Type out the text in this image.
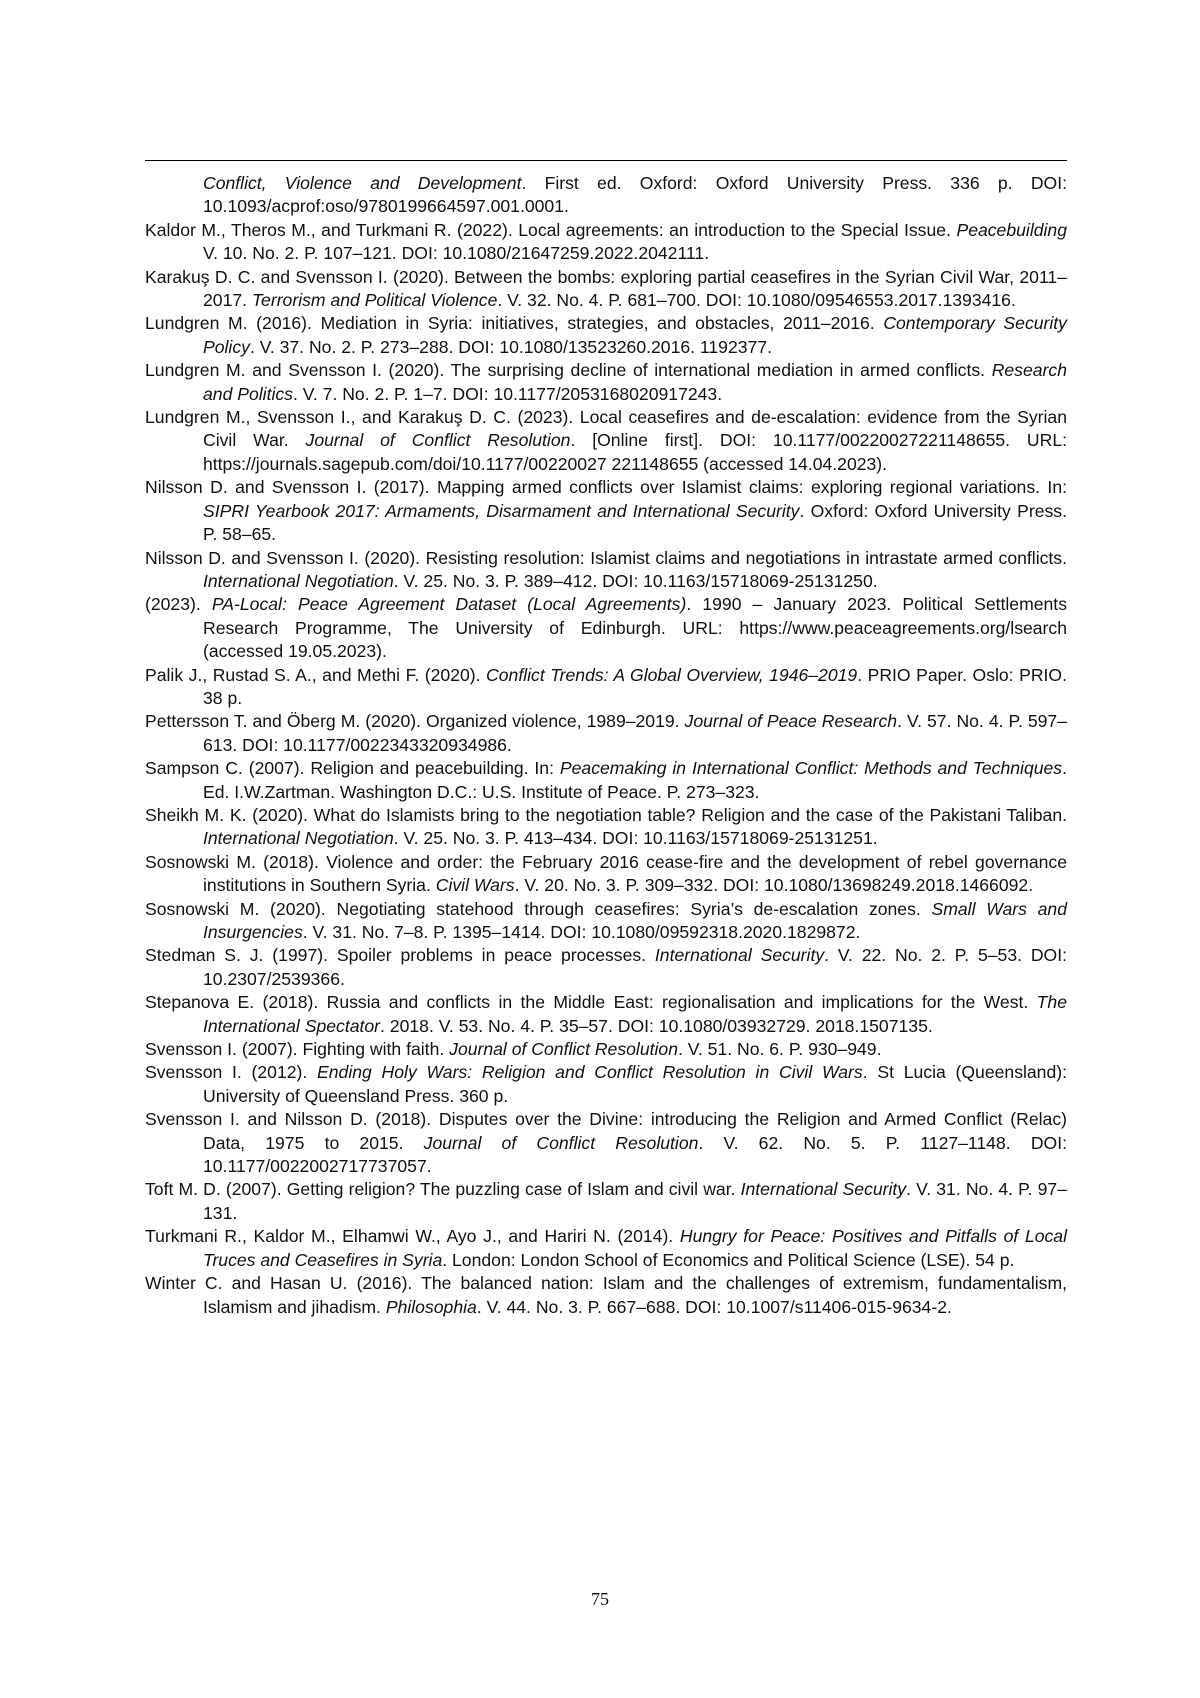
Conflict, Violence and Development. First ed. Oxford: Oxford University Press. 336 p. DOI: 10.1093/acprof:oso/9780199664597.001.0001.

Kaldor M., Theros M., and Turkmani R. (2022). Local agreements: an introduction to the Special Issue. Peacebuilding V. 10. No. 2. P. 107–121. DOI: 10.1080/21647259.2022.2042111.

Karakuş D. C. and Svensson I. (2020). Between the bombs: exploring partial ceasefires in the Syrian Civil War, 2011–2017. Terrorism and Political Violence. V. 32. No. 4. P. 681–700. DOI: 10.1080/09546553.2017.1393416.

Lundgren M. (2016). Mediation in Syria: initiatives, strategies, and obstacles, 2011–2016. Contemporary Security Policy. V. 37. No. 2. P. 273–288. DOI: 10.1080/13523260.2016. 1192377.

Lundgren M. and Svensson I. (2020). The surprising decline of international mediation in armed conflicts. Research and Politics. V. 7. No. 2. P. 1–7. DOI: 10.1177/2053168020917243.

Lundgren M., Svensson I., and Karakuş D. C. (2023). Local ceasefires and de-escalation: evidence from the Syrian Civil War. Journal of Conflict Resolution. [Online first]. DOI: 10.1177/00220027221148655. URL: https://journals.sagepub.com/doi/10.1177/00220027 221148655 (accessed 14.04.2023).

Nilsson D. and Svensson I. (2017). Mapping armed conflicts over Islamist claims: exploring regional variations. In: SIPRI Yearbook 2017: Armaments, Disarmament and International Security. Oxford: Oxford University Press. P. 58–65.

Nilsson D. and Svensson I. (2020). Resisting resolution: Islamist claims and negotiations in intrastate armed conflicts. International Negotiation. V. 25. No. 3. P. 389–412. DOI: 10.1163/15718069-25131250.

(2023). PA-Local: Peace Agreement Dataset (Local Agreements). 1990 – January 2023. Political Settlements Research Programme, The University of Edinburgh. URL: https://www.peaceagreements.org/lsearch (accessed 19.05.2023).

Palik J., Rustad S. A., and Methi F. (2020). Conflict Trends: A Global Overview, 1946–2019. PRIO Paper. Oslo: PRIO. 38 p.

Pettersson T. and Öberg M. (2020). Organized violence, 1989–2019. Journal of Peace Research. V. 57. No. 4. P. 597–613. DOI: 10.1177/0022343320934986.

Sampson C. (2007). Religion and peacebuilding. In: Peacemaking in International Conflict: Methods and Techniques. Ed. I.W.Zartman. Washington D.C.: U.S. Institute of Peace. P. 273–323.

Sheikh M. K. (2020). What do Islamists bring to the negotiation table? Religion and the case of the Pakistani Taliban. International Negotiation. V. 25. No. 3. P. 413–434. DOI: 10.1163/15718069-25131251.

Sosnowski M. (2018). Violence and order: the February 2016 cease-fire and the development of rebel governance institutions in Southern Syria. Civil Wars. V. 20. No. 3. P. 309–332. DOI: 10.1080/13698249.2018.1466092.

Sosnowski M. (2020). Negotiating statehood through ceasefires: Syria’s de-escalation zones. Small Wars and Insurgencies. V. 31. No. 7–8. P. 1395–1414. DOI: 10.1080/09592318.2020.1829872.

Stedman S. J. (1997). Spoiler problems in peace processes. International Security. V. 22. No. 2. P. 5–53. DOI: 10.2307/2539366.

Stepanova E. (2018). Russia and conflicts in the Middle East: regionalisation and implications for the West. The International Spectator. 2018. V. 53. No. 4. P. 35–57. DOI: 10.1080/03932729. 2018.1507135.

Svensson I. (2007). Fighting with faith. Journal of Conflict Resolution. V. 51. No. 6. P. 930–949.

Svensson I. (2012). Ending Holy Wars: Religion and Conflict Resolution in Civil Wars. St Lucia (Queensland): University of Queensland Press. 360 p.

Svensson I. and Nilsson D. (2018). Disputes over the Divine: introducing the Religion and Armed Conflict (Relac) Data, 1975 to 2015. Journal of Conflict Resolution. V. 62. No. 5. P. 1127–1148. DOI: 10.1177/0022002717737057.

Toft M. D. (2007). Getting religion? The puzzling case of Islam and civil war. International Security. V. 31. No. 4. P. 97–131.

Turkmani R., Kaldor M., Elhamwi W., Ayo J., and Hariri N. (2014). Hungry for Peace: Positives and Pitfalls of Local Truces and Ceasefires in Syria. London: London School of Economics and Political Science (LSE). 54 p.

Winter C. and Hasan U. (2016). The balanced nation: Islam and the challenges of extremism, fundamentalism, Islamism and jihadism. Philosophia. V. 44. No. 3. P. 667–688. DOI: 10.1007/s11406-015-9634-2.

75
